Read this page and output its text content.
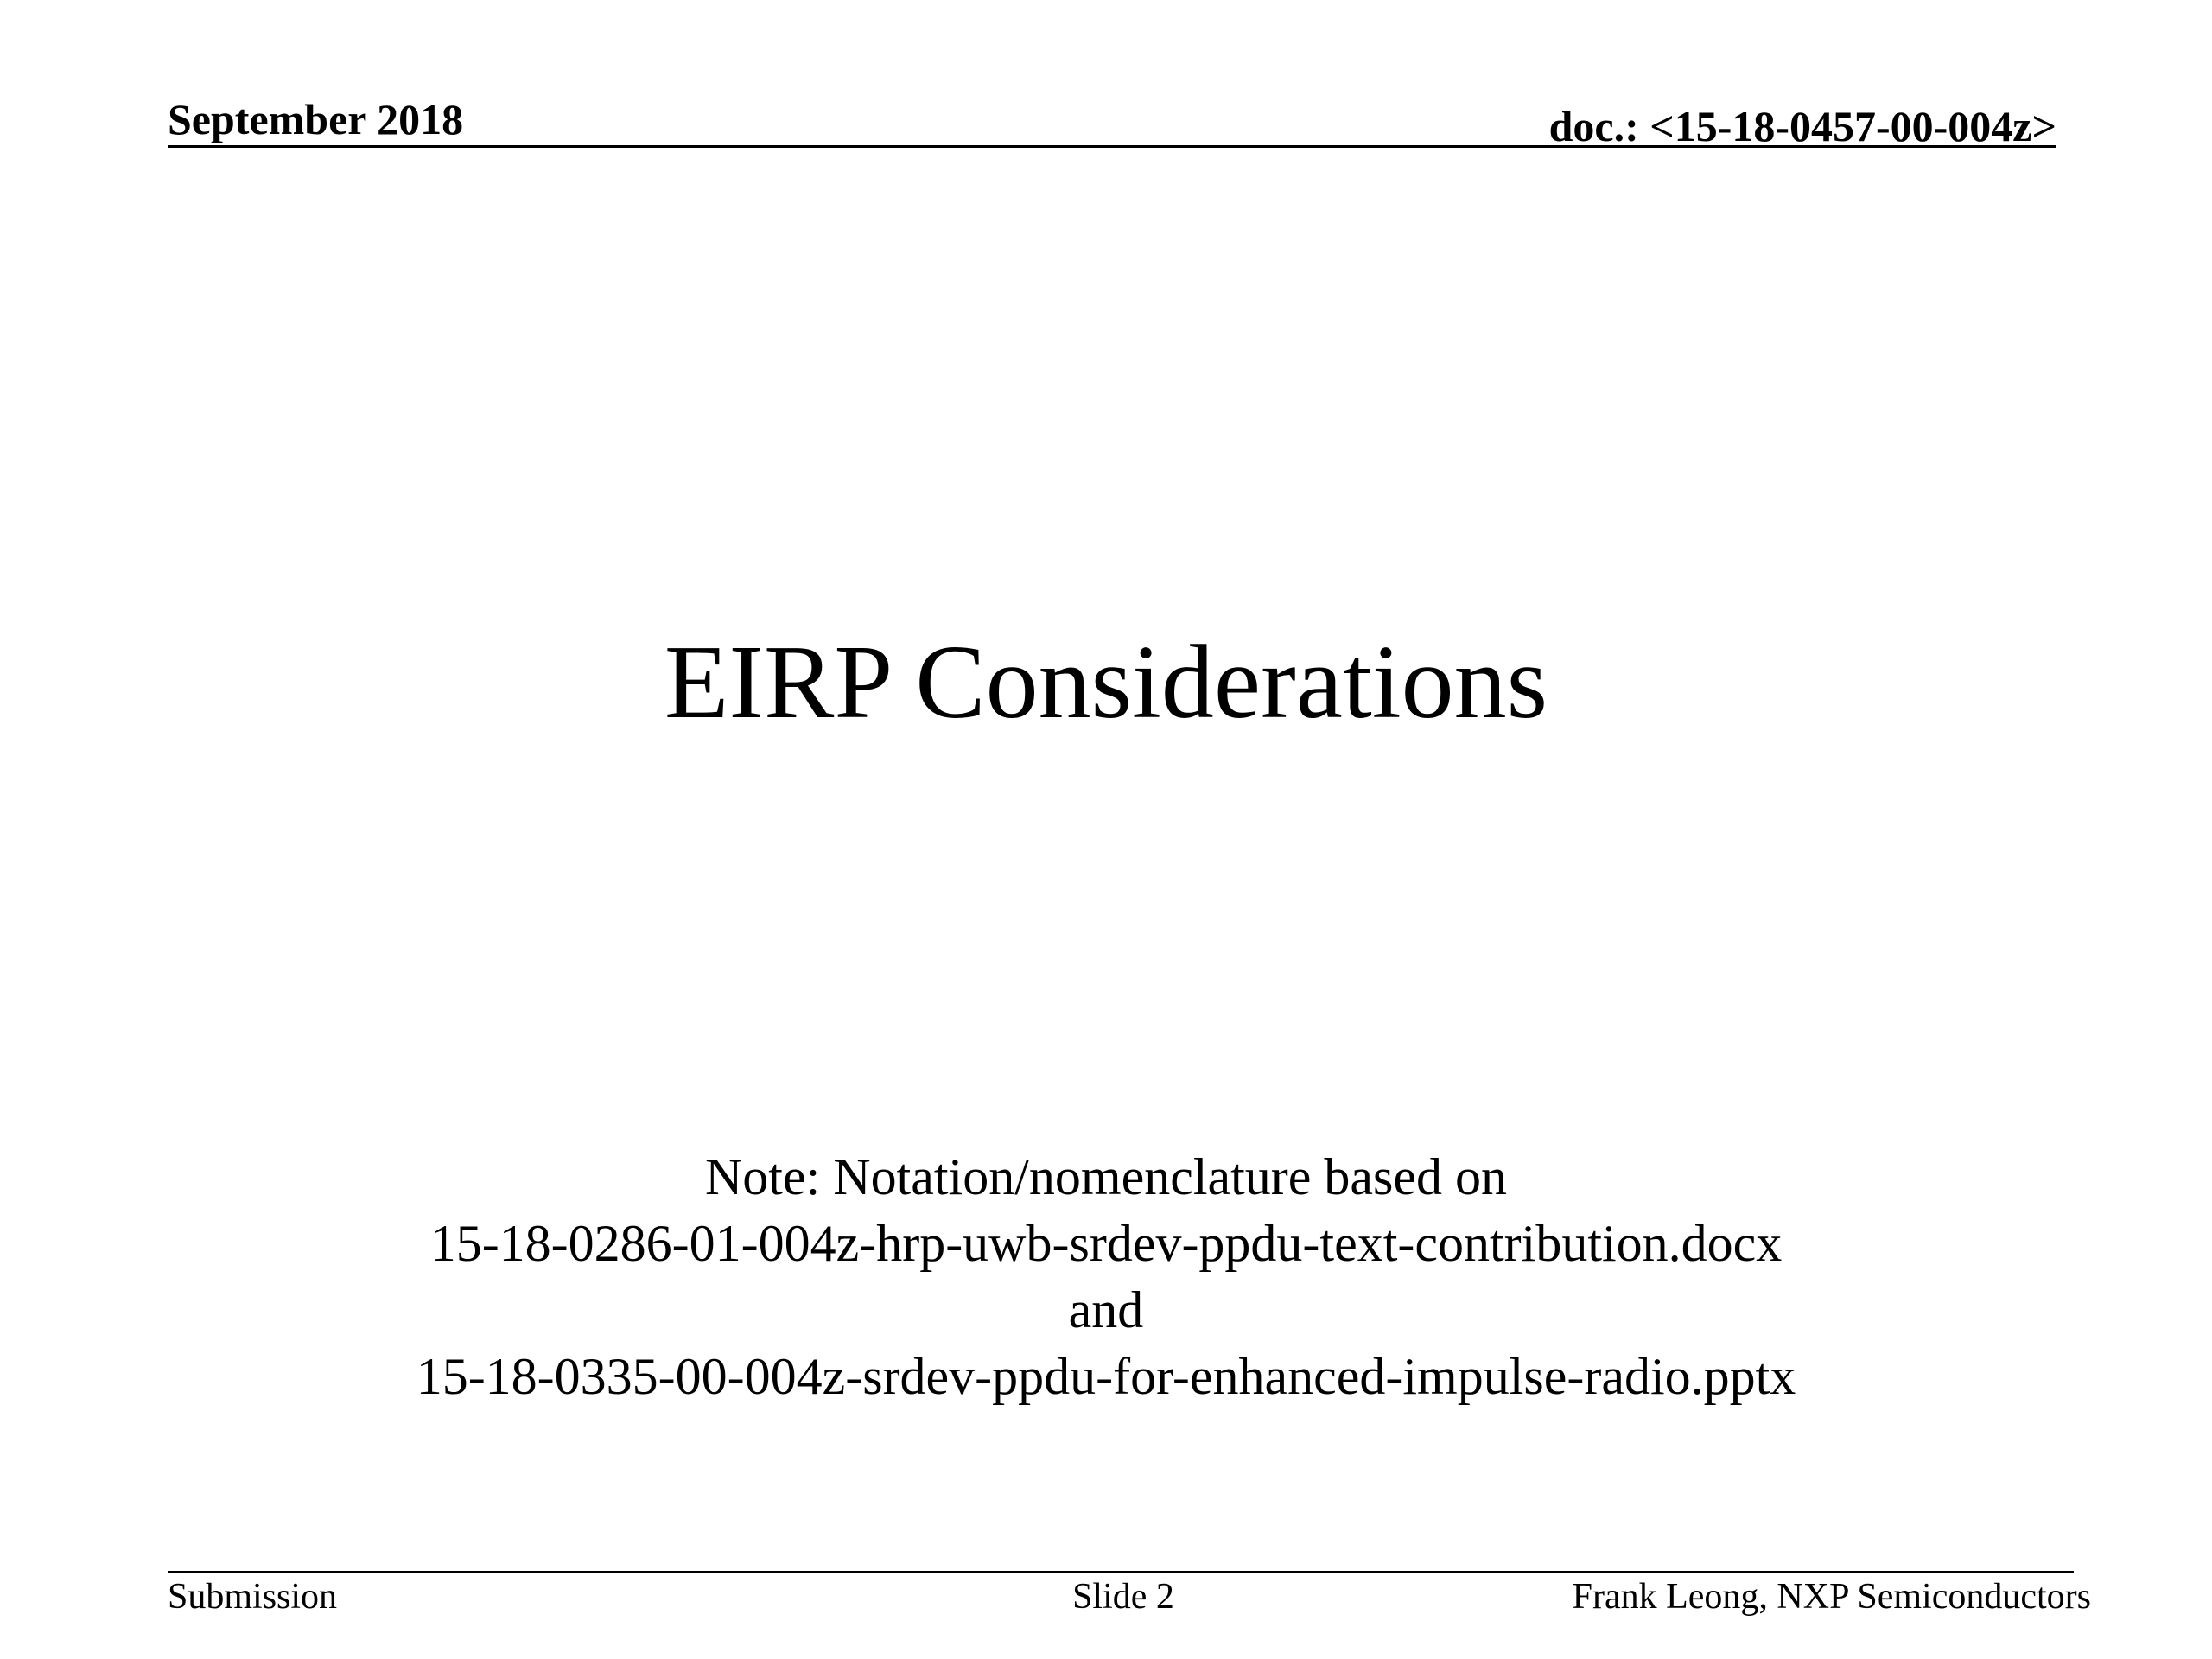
September 2018	doc.: <15-18-0457-00-004z>
EIRP Considerations
Note: Notation/nomenclature based on
15-18-0286-01-004z-hrp-uwb-srdev-ppdu-text-contribution.docx
and
15-18-0335-00-004z-srdev-ppdu-for-enhanced-impulse-radio.pptx
Submission	Slide 2	Frank Leong, NXP Semiconductors
